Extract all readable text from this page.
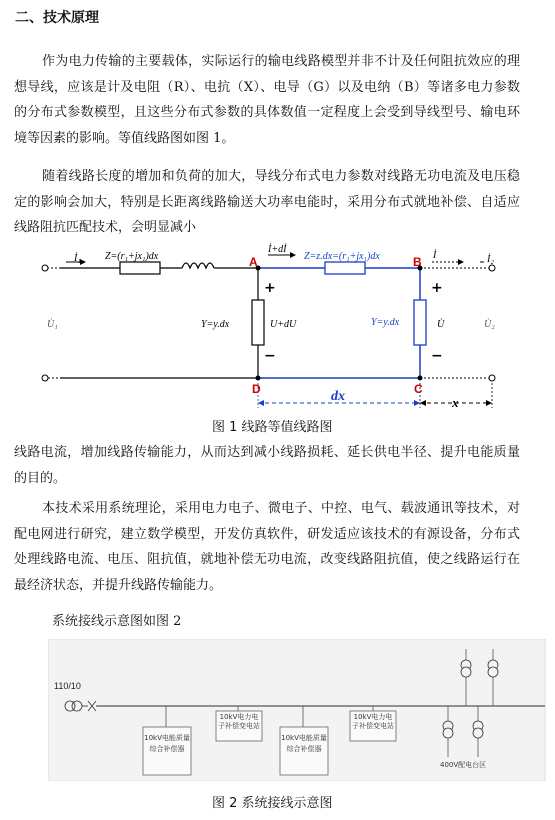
二、技术原理

作为电力传输的主要载体，实际运行的输电线路模型并非不计及任何阻抗效应的理想导线，应该是计及电阻（R）、电抗（X）、电导（G）以及电纳（B）等诸多电力参数的分布式参数模型，且这些分布式参数的具体数值一定程度上会受到导线型号、输电环境等因素的影响。等值线路图如图 1。

随着线路长度的增加和负荷的加大，导线分布式电力参数对线路无功电流及电压稳定的影响会加大，特别是长距离线路输送大功率电能时，采用分布式就地补偿、自适应线路阻抗匹配技术，会明显减小

İ₁ Z=(r₁+jx₁)dx	A
İ+dİ
Z=z.dx=(r₁+jx₁)dx	B İ	İ₂
U̇₁	U̇₂
Y=y.dx	U+dU	Y=y.dx	U̇
+	+
−	−
D	C
dx	x
图 1 线路等值线路图

线路电流，增加线路传输能力，从而达到减小线路损耗、延长供电半径、提升电能质量的目的。

本技术采用系统理论，采用电力电子、微电子、中控、电气、载波通讯等技术，对配电网进行研究，建立数学模型，开发仿真软件，研发适应该技术的有源设备，分布式处理线路电流、电压、阻抗值，就地补偿无功电流，改变线路阻抗值，使之线路运行在最经济状态，并提升线路传输能力。

系统接线示意图如图 2

110/10
10kV电能质量综合补偿器
10kV电力电子补偿变电站
10kV电能质量综合补偿器
10kV电力电子补偿变电站
400V配电台区
图 2 系统接线示意图
